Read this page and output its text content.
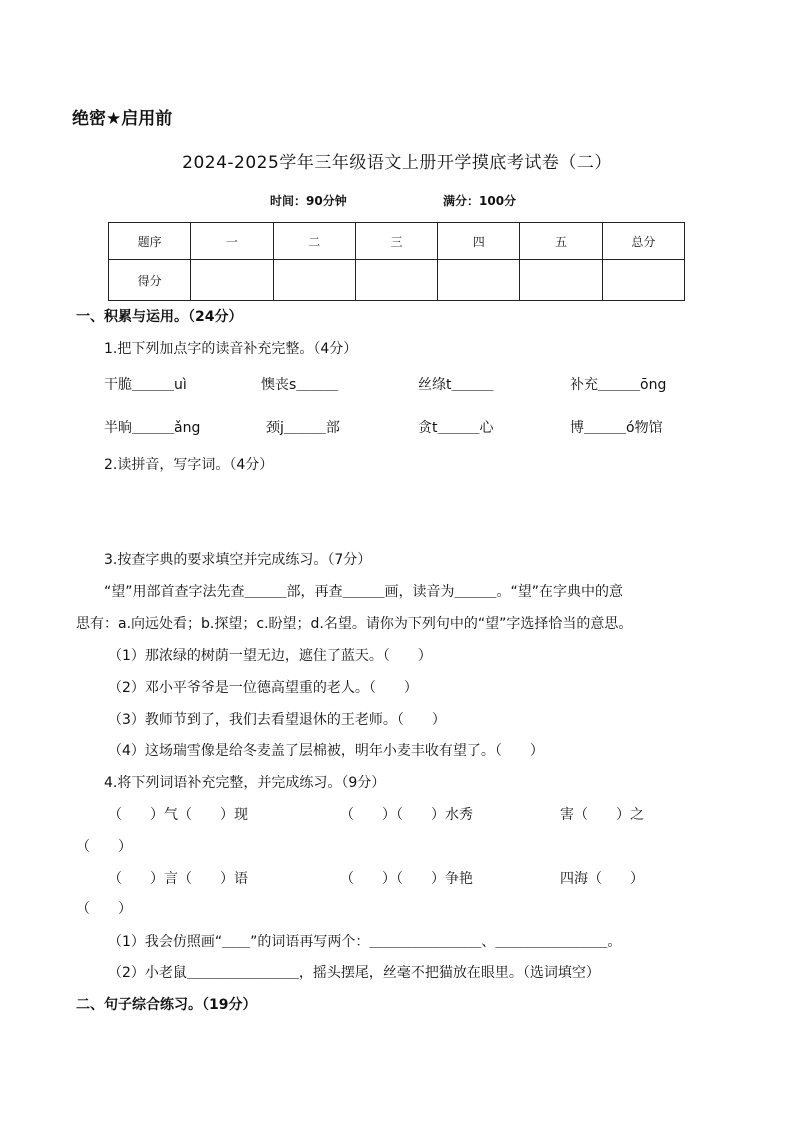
绝密★启用前
2024-2025学年三年级语文上册开学摸底考试卷（二）
时间：90分钟	满分：100分
题序	一	二	三	四	五	总分
得分						
一、积累与运用。（24分）
1.把下列加点字的读音补充完整。（4分）
干脆＿＿＿uì	懊丧s＿＿＿	丝绦t＿＿＿	补充＿＿＿ōng
半晌＿＿＿ǎng	颈j＿＿＿部	贪t＿＿＿心	博＿＿＿ó物馆
2.读拼音，写字词。（4分）
3.按查字典的要求填空并完成练习。（7分）
“望”用部首查字法先查＿＿＿部，再查＿＿＿画，读音为＿＿＿。“望”在字典中的意
思有：a.向远处看；b.探望；c.盼望；d.名望。请你为下列句中的“望”字选择恰当的意思。
（1）那浓绿的树荫一望无边，遮住了蓝天。（　　）
（2）邓小平爷爷是一位德高望重的老人。（　　）
（3）教师节到了，我们去看望退休的王老师。（　　）
（4）这场瑞雪像是给冬麦盖了层棉被，明年小麦丰收有望了。（　　）
4.将下列词语补充完整，并完成练习。（9分）
（　　）气（　　）现	（　　）（　　）水秀	害（　　）之
（　　）
（　　）言（　　）语	（　　）（　　）争艳	四海（　　）
（　　）
（1）我会仿照画“＿＿”的词语再写两个：＿＿＿＿＿＿＿＿、＿＿＿＿＿＿＿＿。
（2）小老鼠＿＿＿＿＿＿＿＿，摇头摆尾，丝毫不把猫放在眼里。（选词填空）
二、句子综合练习。（19分）
